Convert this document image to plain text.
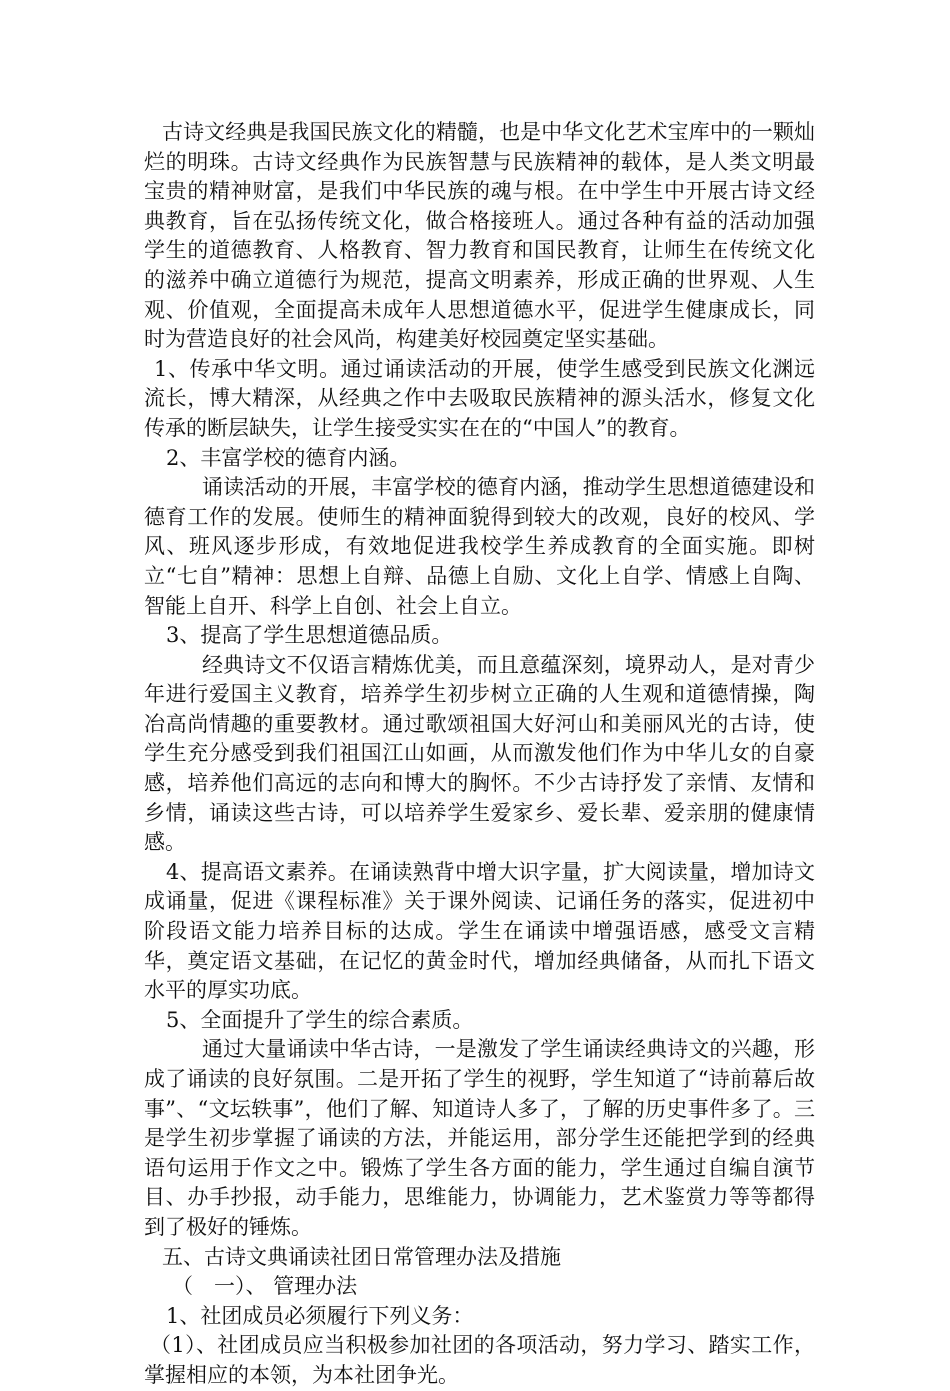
古诗文经典是我国民族文化的精髓，也是中华文化艺术宝库中的一颗灿烂的明珠。古诗文经典作为民族智慧与民族精神的载体，是人类文明最宝贵的精神财富，是我们中华民族的魂与根。在中学生中开展古诗文经典教育，旨在弘扬传统文化，做合格接班人。通过各种有益的活动加强学生的道德教育、人格教育、智力教育和国民教育，让师生在传统文化的滋养中确立道德行为规范，提高文明素养，形成正确的世界观、人生观、价值观，全面提高未成年人思想道德水平，促进学生健康成长，同时为营造良好的社会风尚，构建美好校园奠定坚实基础。

1、传承中华文明。通过诵读活动的开展，使学生感受到民族文化渊远流长，博大精深，从经典之作中去吸取民族精神的源头活水，修复文化传承的断层缺失，让学生接受实实在在的“中国人”的教育。

2、丰富学校的德育内涵。

诵读活动的开展，丰富学校的德育内涵，推动学生思想道德建设和德育工作的发展。使师生的精神面貌得到较大的改观，良好的校风、学风、班风逐步形成，有效地促进我校学生养成教育的全面实施。即树立“七自”精神：思想上自辩、品德上自励、文化上自学、情感上自陶、智能上自开、科学上自创、社会上自立。

3、提高了学生思想道德品质。

经典诗文不仅语言精炼优美，而且意蕴深刻，境界动人，是对青少年进行爱国主义教育，培养学生初步树立正确的人生观和道德情操，陶冶高尚情趣的重要教材。通过歌颂祖国大好河山和美丽风光的古诗，使学生充分感受到我们祖国江山如画，从而激发他们作为中华儿女的自豪感，培养他们高远的志向和博大的胸怀。不少古诗抒发了亲情、友情和乡情，诵读这些古诗，可以培养学生爱家乡、爱长辈、爱亲朋的健康情感。

4、提高语文素养。在诵读熟背中增大识字量，扩大阅读量，增加诗文成诵量，促进《课程标准》关于课外阅读、记诵任务的落实，促进初中阶段语文能力培养目标的达成。学生在诵读中增强语感，感受文言精华，奠定语文基础，在记忆的黄金时代，增加经典储备，从而扎下语文水平的厚实功底。

5、全面提升了学生的综合素质。

通过大量诵读中华古诗，一是激发了学生诵读经典诗文的兴趣，形成了诵读的良好氛围。二是开拓了学生的视野，学生知道了“诗前幕后故事”、“文坛轶事”，他们了解、知道诗人多了，了解的历史事件多了。三是学生初步掌握了诵读的方法，并能运用，部分学生还能把学到的经典语句运用于作文之中。锻炼了学生各方面的能力，学生通过自编自演节目、办手抄报，动手能力，思维能力，协调能力，艺术鉴赏力等等都得到了极好的锤炼。

五、古诗文典诵读社团日常管理办法及措施

（　一）、 管理办法

1、社团成员必须履行下列义务：

（1）、社团成员应当积极参加社团的各项活动，努力学习、踏实工作，掌握相应的本领，为本社团争光。
